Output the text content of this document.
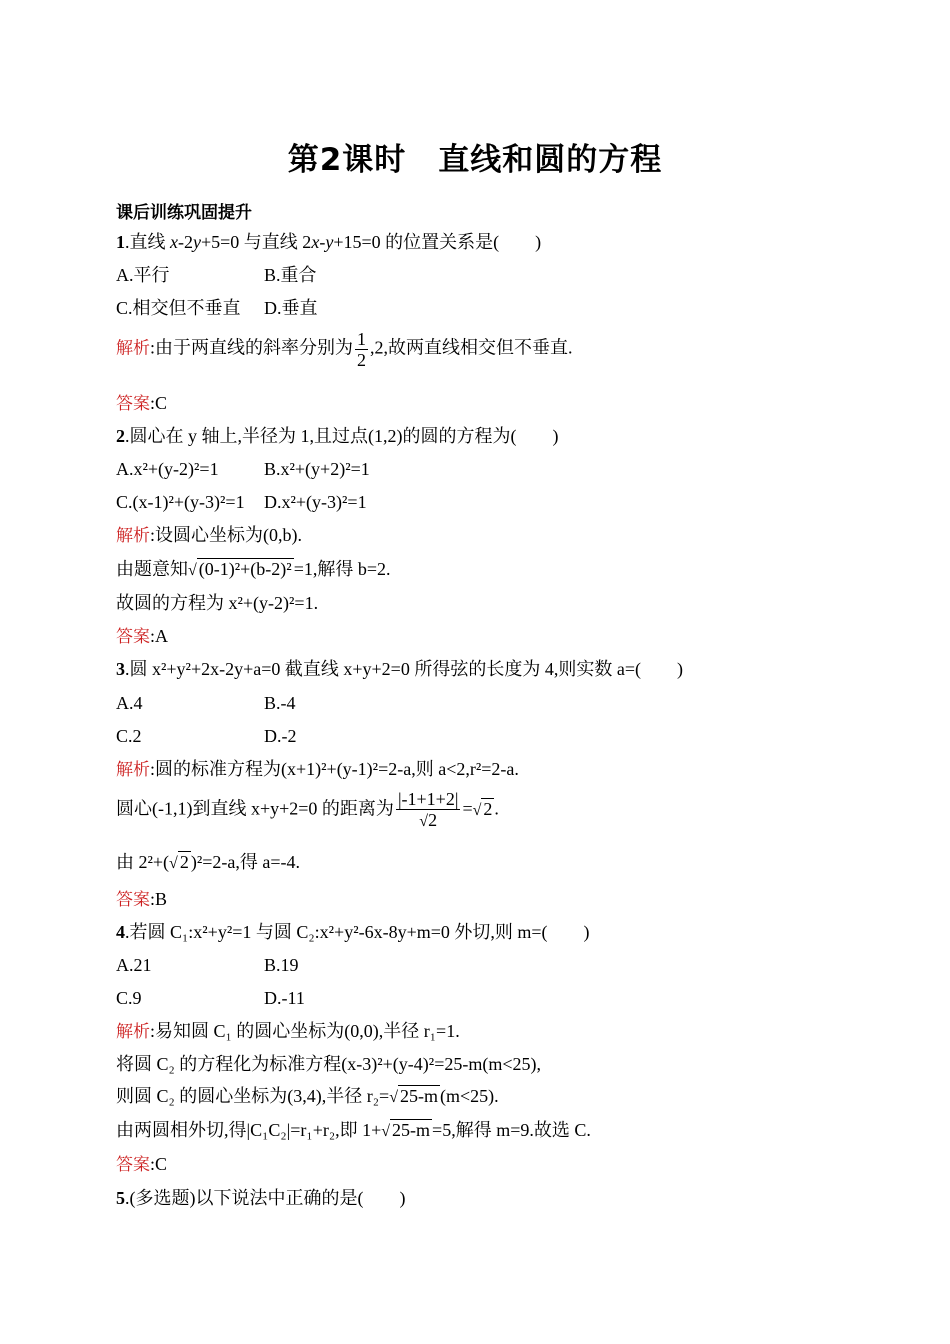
第2课时　直线和圆的方程
课后训练巩固提升
1.直线 x-2y+5=0 与直线 2x-y+15=0 的位置关系是(　　)
A.平行	B.重合
C.相交但不垂直 D.垂直
解析:由于两直线的斜率分别为 $\frac{1}{2} ,2$,故两直线相交但不垂直.
答案:C
2.圆心在 y 轴上,半径为 1,且过点(1,2)的圆的方程为(　　)
A.x²+(y-2)²=1	B.x²+(y+2)²=1
C.(x-1)²+(y-3)²=1 D.x²+(y-3)²=1
解析:设圆心坐标为(0,b).
由题意知√ (0-1)²+(b-2)² =1,解得 b=2.
故圆的方程为 x²+(y-2)²=1.
答案:A
3.圆 x²+y²+2x-2y+a=0 截直线 x+y+2=0 所得弦的长度为 4,则实数 a=(　　)
A.4	B.-4
C.2	D.-2
解析:圆的标准方程为(x+1)²+(y-1)²=2-a,则 a<2,r²=2-a.
圆心(-1,1)到直线 x+y+2=0 的距离为 $\frac{|-1+1+2|}{√2}$ =√ 2 .
由 2²+(√ 2 )²=2-a,得 a=-4.
答案:B
4.若圆 C₁:x²+y²=1 与圆 C₂:x²+y²-6x-8y+m=0 外切,则 m=(　　)
A.21	B.19
C.9	D.-11
解析:易知圆 C₁ 的圆心坐标为(0,0),半径 r₁=1.
将圆 C₂ 的方程化为标准方程(x-3)²+(y-4)²=25-m(m<25),
则圆 C₂ 的圆心坐标为(3,4),半径 r₂=√ 25-m (m<25).
由两圆相外切,得|C₁C₂|=r₁+r₂,即 1+√ 25-m =5,解得 m=9.故选 C.
答案:C
5.(多选题)以下说法中正确的是(　　)
